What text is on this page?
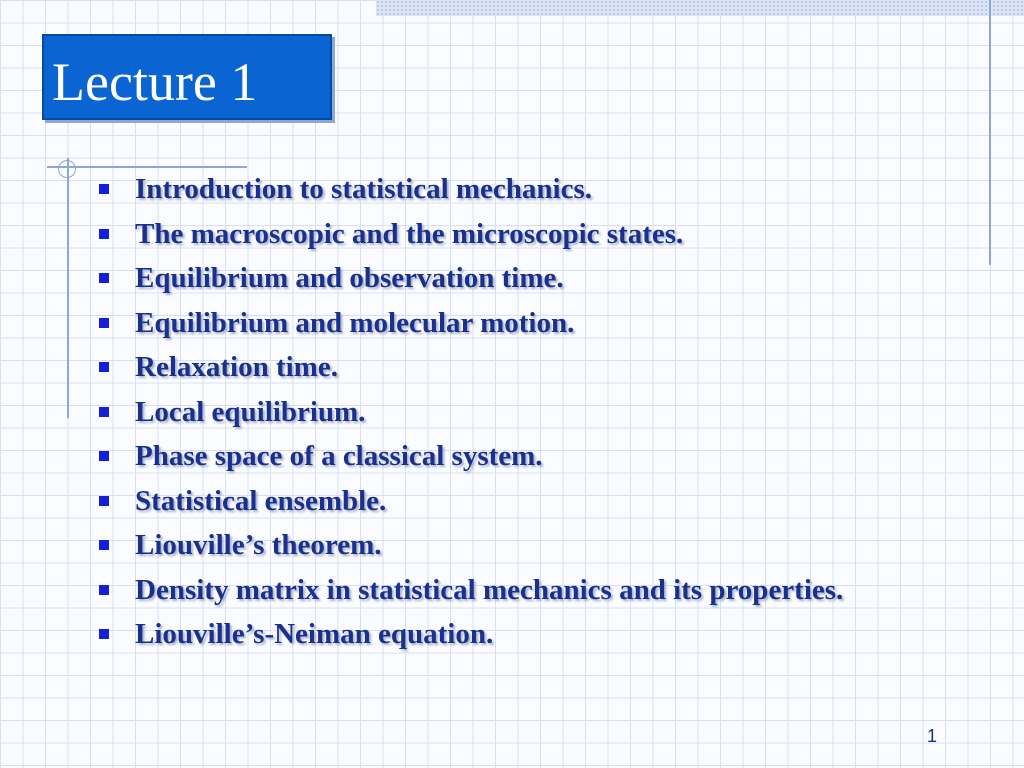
Lecture 1
Introduction to statistical mechanics.
The macroscopic and the microscopic states.
Equilibrium and observation time.
Equilibrium and molecular motion.
Relaxation time.
Local equilibrium.
Phase space of a classical system.
Statistical ensemble.
Liouville’s theorem.
Density matrix in statistical mechanics and its properties.
Liouville’s-Neiman equation.
1
